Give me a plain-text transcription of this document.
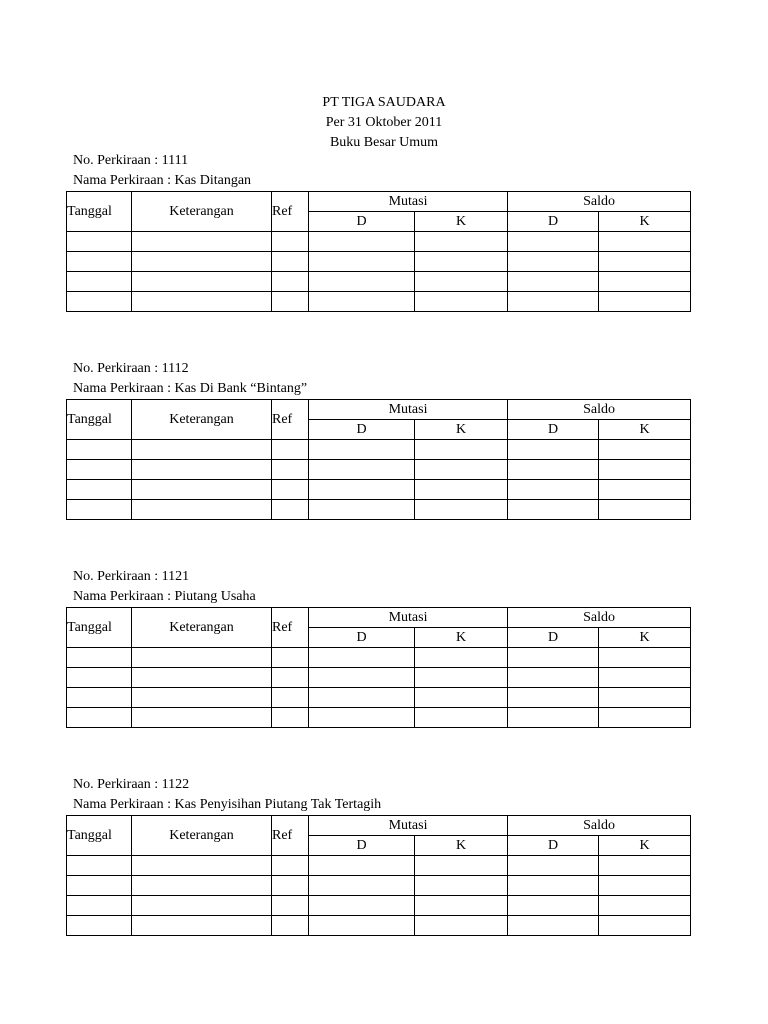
PT TIGA SAUDARA
Per 31 Oktober 2011
Buku Besar Umum
No. Perkiraan : 1111
Nama Perkiraan : Kas Ditangan
Tanggal	Keterangan	Ref	Mutasi		Saldo	
			D	K	D	K

No. Perkiraan : 1112
Nama Perkiraan : Kas Di Bank “Bintang”
Tanggal	Keterangan	Ref	Mutasi		Saldo	
			D	K	D	K

No. Perkiraan : 1121
Nama Perkiraan : Piutang Usaha
Tanggal	Keterangan	Ref	Mutasi		Saldo	
			D	K	D	K

No. Perkiraan : 1122
Nama Perkiraan : Kas Penyisihan Piutang Tak Tertagih
Tanggal	Keterangan	Ref	Mutasi		Saldo	
			D	K	D	K
